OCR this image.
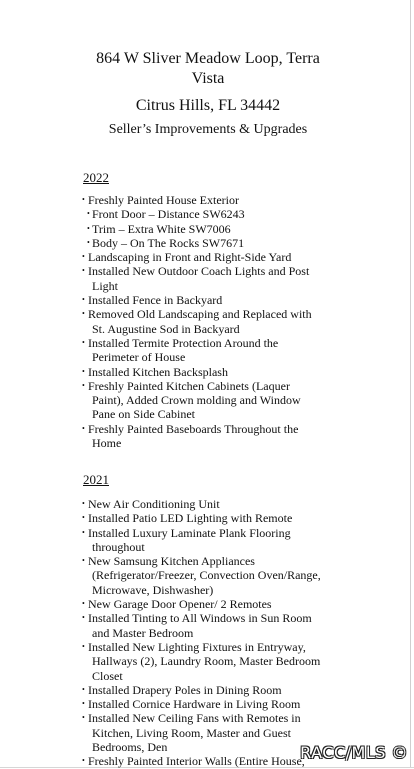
864 W Sliver Meadow Loop, Terra
Vista
Citrus Hills, FL 34442
Seller’s Improvements & Upgrades
2022
• Freshly Painted House Exterior
• Front Door – Distance SW6243
• Trim – Extra White SW7006
• Body – On The Rocks SW7671
• Landscaping in Front and Right-Side Yard
• Installed New Outdoor Coach Lights and Post
Light
• Installed Fence in Backyard
• Removed Old Landscaping and Replaced with
St. Augustine Sod in Backyard
• Installed Termite Protection Around the
Perimeter of House
• Installed Kitchen Backsplash
• Freshly Painted Kitchen Cabinets (Laquer
Paint), Added Crown molding and Window
Pane on Side Cabinet
• Freshly Painted Baseboards Throughout the
Home
2021
• New Air Conditioning Unit
• Installed Patio LED Lighting with Remote
• Installed Luxury Laminate Plank Flooring
throughout
• New Samsung Kitchen Appliances
(Refrigerator/Freezer, Convection Oven/Range,
Microwave, Dishwasher)
• New Garage Door Opener/ 2 Remotes
• Installed Tinting to All Windows in Sun Room
and Master Bedroom
• Installed New Lighting Fixtures in Entryway,
Hallways (2), Laundry Room, Master Bedroom
Closet
• Installed Drapery Poles in Dining Room
• Installed Cornice Hardware in Living Room
• Installed New Ceiling Fans with Remotes in
Kitchen, Living Room, Master and Guest
Bedrooms, Den
• Freshly Painted Interior Walls (Entire House,
RACC/MLS ©
